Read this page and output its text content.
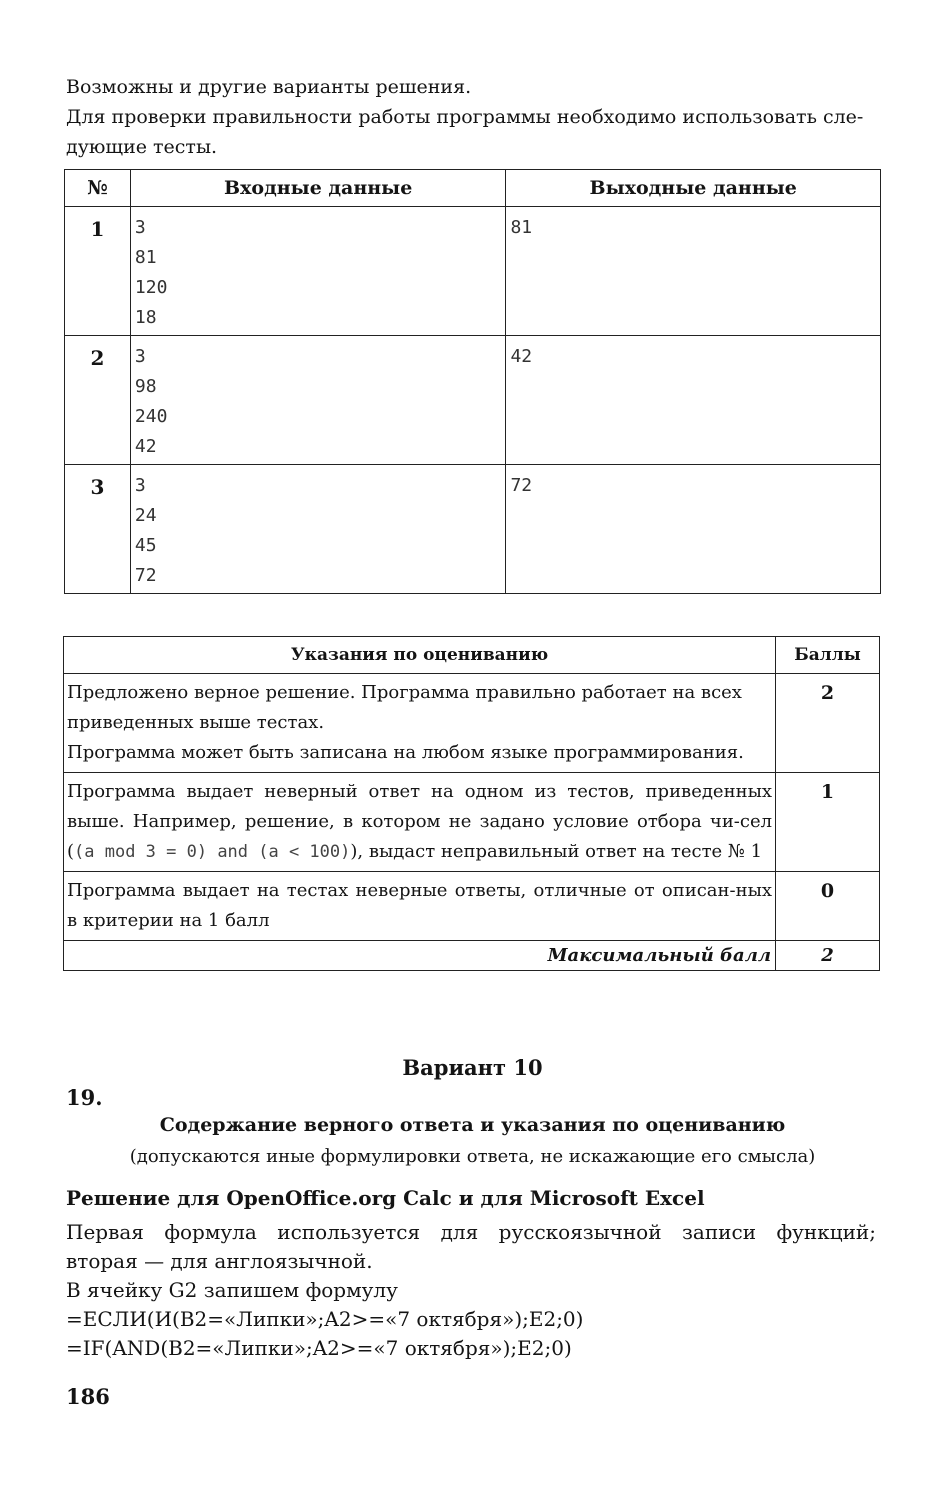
Возможны и другие варианты решения.
Для проверки правильности работы программы необходимо использовать сле-
дующие тесты.
№	Входные данные	Выходные данные
1	3
81
120
18	81

2	3
98
240
42	42

3	3
24
45
72	72
Указания по оцениванию	Баллы

Предложено верное решение. Программа правильно работает на всех
приведенных выше тестах.
Программа может быть записана на любом языке программирования.	2
Программа выдает неверный ответ на одном из тестов, приведенных выше. Например, решение, в котором не задано условие отбора чи-сел ((a mod 3 = 0) and (a < 100)), выдаст неправильный ответ на тесте № 1	1
Программа выдает на тестах неверные ответы, отличные от описан-ных в критерии на 1 балл	0
Максимальный балл	2
Вариант 10
19.
Содержание верного ответа и указания по оцениванию
(допускаются иные формулировки ответа, не искажающие его смысла)
Решение для OpenOffice.org Calc и для Microsoft Excel
Первая формула используется для русскоязычной записи функций;
вторая — для англоязычной.
В ячейку G2 запишем формулу
=ЕСЛИ(И(B2=«Липки»;A2>=«7 октября»);E2;0)
=IF(AND(B2=«Липки»;A2>=«7 октября»);E2;0)
186
